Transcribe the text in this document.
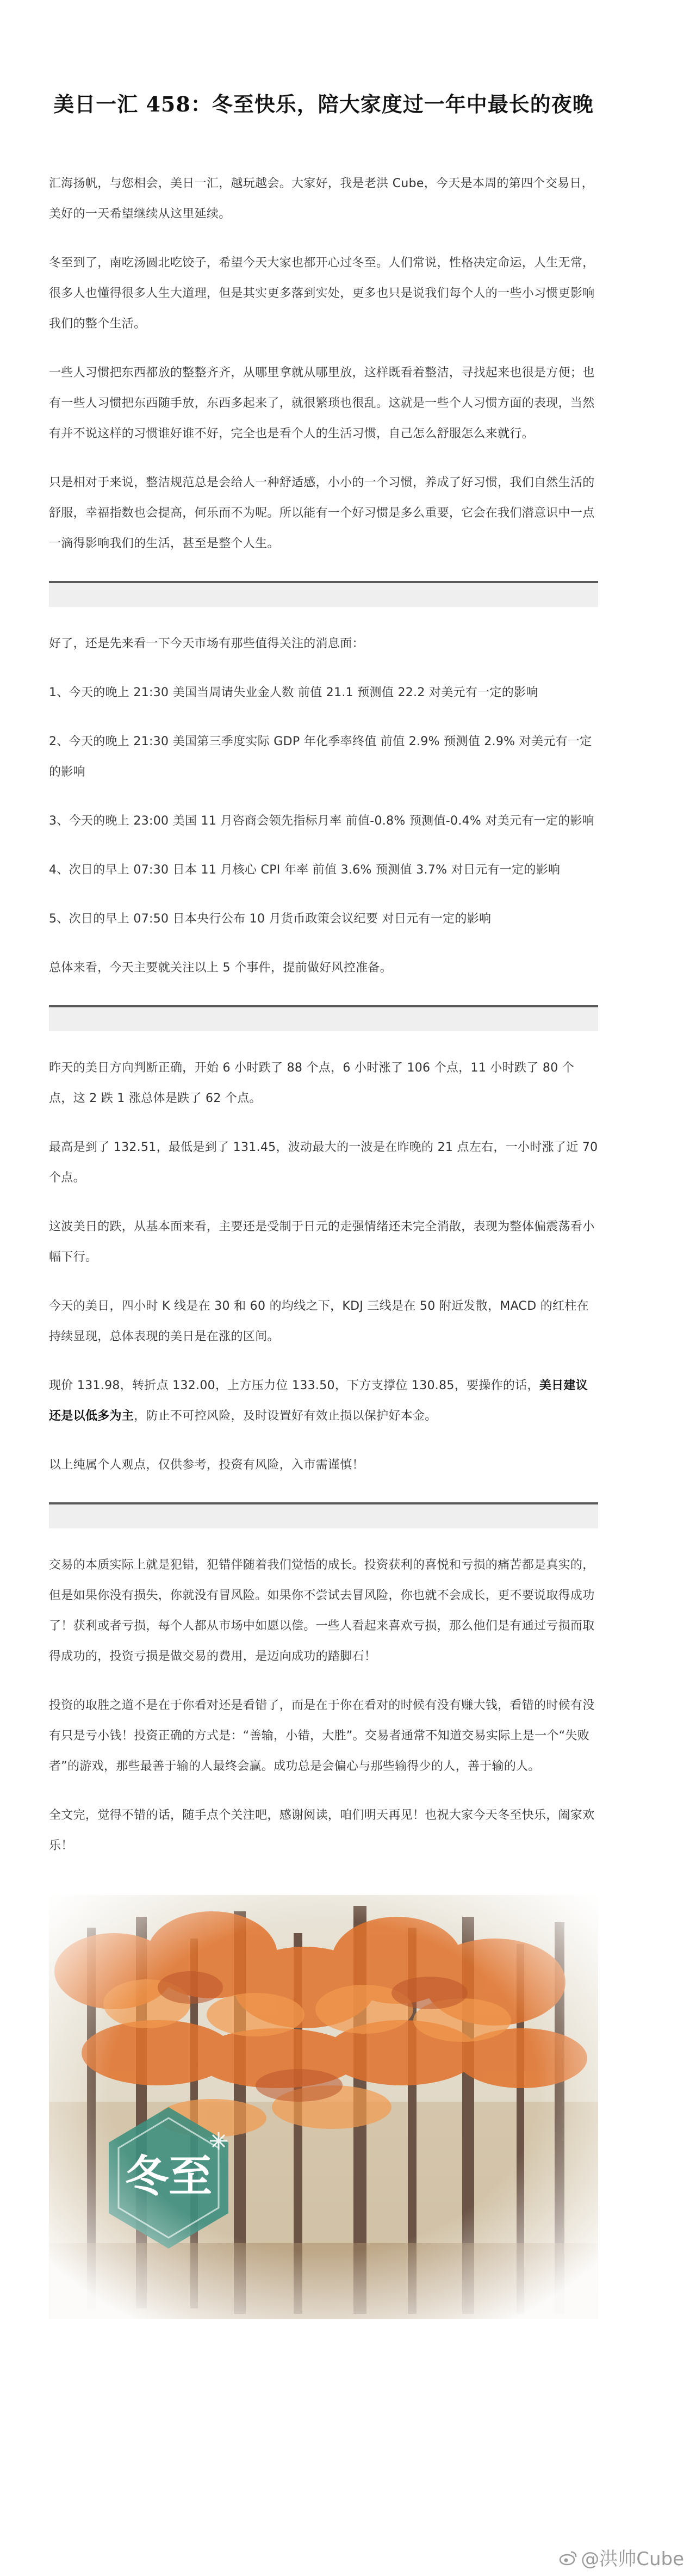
美日一汇 458：冬至快乐，陪大家度过一年中最长的夜晚

汇海扬帆，与您相会，美日一汇，越玩越会。大家好，我是老洪 Cube，今天是本周的第四个交易日，美好的一天希望继续从这里延续。

冬至到了，南吃汤圆北吃饺子，希望今天大家也都开心过冬至。人们常说，性格决定命运，人生无常，很多人也懂得很多人生大道理，但是其实更多落到实处，更多也只是说我们每个人的一些小习惯更影响我们的整个生活。

一些人习惯把东西都放的整整齐齐，从哪里拿就从哪里放，这样既看着整洁，寻找起来也很是方便；也有一些人习惯把东西随手放，东西多起来了，就很繁琐也很乱。这就是一些个人习惯方面的表现，当然有并不说这样的习惯谁好谁不好，完全也是看个人的生活习惯，自己怎么舒服怎么来就行。

只是相对于来说，整洁规范总是会给人一种舒适感，小小的一个习惯，养成了好习惯，我们自然生活的舒服，幸福指数也会提高，何乐而不为呢。所以能有一个好习惯是多么重要，它会在我们潜意识中一点一滴得影响我们的生活，甚至是整个人生。

好了，还是先来看一下今天市场有那些值得关注的消息面：

1、今天的晚上 21:30 美国当周请失业金人数 前值 21.1 预测值 22.2 对美元有一定的影响

2、今天的晚上 21:30 美国第三季度实际 GDP 年化季率终值 前值 2.9% 预测值 2.9% 对美元有一定的影响

3、今天的晚上 23:00 美国 11 月咨商会领先指标月率 前值-0.8% 预测值-0.4% 对美元有一定的影响

4、次日的早上 07:30 日本 11 月核心 CPI 年率 前值 3.6% 预测值 3.7% 对日元有一定的影响

5、次日的早上 07:50 日本央行公布 10 月货币政策会议纪要 对日元有一定的影响

总体来看，今天主要就关注以上 5 个事件，提前做好风控准备。

昨天的美日方向判断正确，开始 6 小时跌了 88 个点，6 小时涨了 106 个点，11 小时跌了 80 个点，这 2 跌 1 涨总体是跌了 62 个点。

最高是到了 132.51，最低是到了 131.45，波动最大的一波是在昨晚的 21 点左右，一小时涨了近 70 个点。

这波美日的跌，从基本面来看，主要还是受制于日元的走强情绪还未完全消散，表现为整体偏震荡看小幅下行。

今天的美日，四小时 K 线是在 30 和 60 的均线之下，KDJ 三线是在 50 附近发散，MACD 的红柱在持续显现，总体表现的美日是在涨的区间。

现价 131.98，转折点 132.00，上方压力位 133.50，下方支撑位 130.85，要操作的话，美日建议还是以低多为主，防止不可控风险，及时设置好有效止损以保护好本金。

以上纯属个人观点，仅供参考，投资有风险，入市需谨慎！

交易的本质实际上就是犯错，犯错伴随着我们觉悟的成长。投资获利的喜悦和亏损的痛苦都是真实的，但是如果你没有损失，你就没有冒风险。如果你不尝试去冒风险，你也就不会成长，更不要说取得成功了！获利或者亏损，每个人都从市场中如愿以偿。一些人看起来喜欢亏损，那么他们是有通过亏损而取得成功的，投资亏损是做交易的费用，是迈向成功的踏脚石！

投资的取胜之道不是在于你看对还是看错了，而是在于你在看对的时候有没有赚大钱，看错的时候有没有只是亏小钱！投资正确的方式是：“善输，小错，大胜”。交易者通常不知道交易实际上是一个“失败者”的游戏，那些最善于输的人最终会赢。成功总是会偏心与那些输得少的人，善于输的人。

全文完，觉得不错的话，随手点个关注吧，感谢阅读，咱们明天再见！也祝大家今天冬至快乐，阖家欢乐！

@洪帅Cube
